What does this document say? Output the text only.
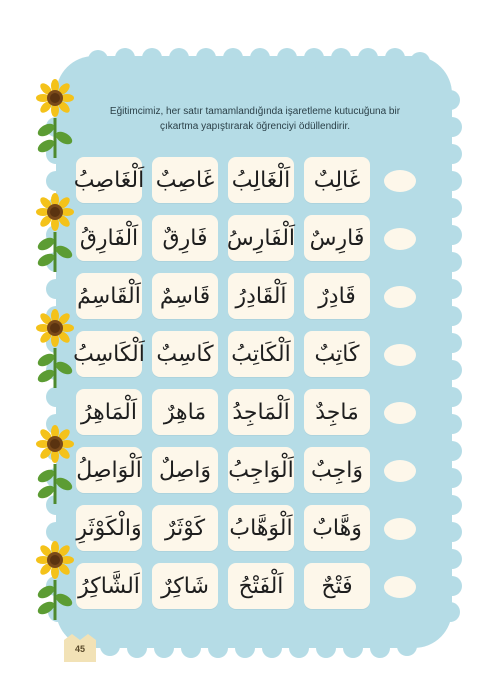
Eğitimcimiz, her satır tamamlandığında işaretleme kutucuğuna bir çıkartma yapıştırarak öğrenciyi ödüllendirir.
غَالِبٌ
اَلْغَالِبُ
غَاصِبٌ
اَلْغَاصِبُ
فَارِسٌ
اَلْفَارِسُ
فَارِقٌ
اَلْفَارِقُ
قَادِرٌ
اَلْقَادِرُ
قَاسِمٌ
اَلْقَاسِمُ
كَاتِبٌ
اَلْكَاتِبُ
كَاسِبٌ
اَلْكَاسِبُ
مَاجِدٌ
اَلْمَاجِدُ
مَاهِرٌ
اَلْمَاهِرُ
وَاجِبٌ
اَلْوَاجِبُ
وَاصِلٌ
اَلْوَاصِلُ
وَهَّابٌ
اَلْوَهَّابُ
كَوْثَرٌ
وَالْكَوْثَرِ
فَتْحٌ
اَلْفَتْحُ
شَاكِرٌ
اَلشَّاكِرُ
45
